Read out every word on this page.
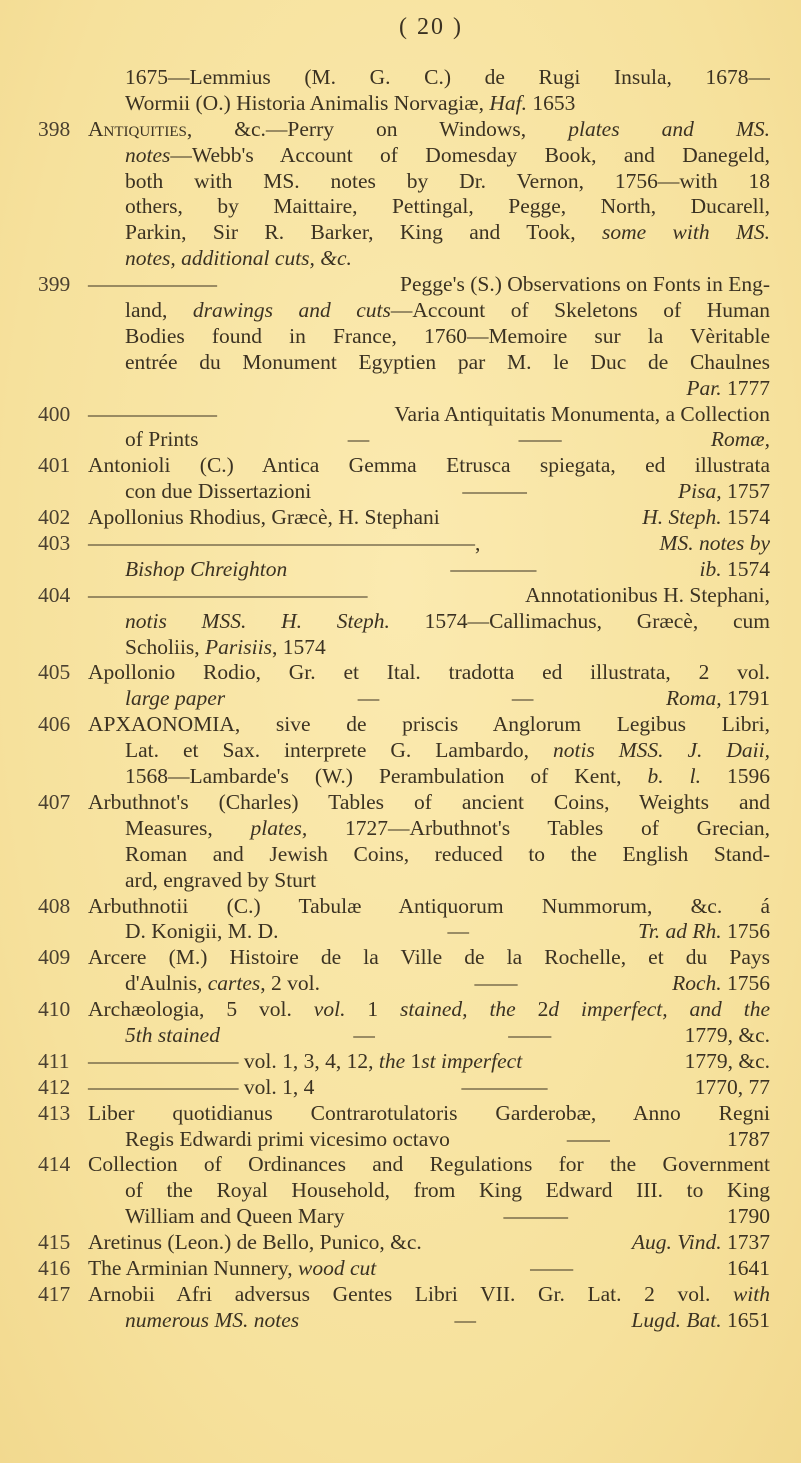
( 20 )
1675—Lemmius (M. G. C.) de Rugi Insula, 1678—
Wormii (O.) Historia Animalis Norvagiæ, Haf. 1653
398 Antiquities, &c.—Perry on Windows, plates and MS.
notes—Webb's Account of Domesday Book, and Danegeld,
both with MS. notes by Dr. Vernon, 1756—with 18
others, by Maittaire, Pettingal, Pegge, North, Ducarell,
Parkin, Sir R. Barker, King and Took, some with MS.
notes, additional cuts, &c.
399 ——————	Pegge's (S.) Observations on Fonts in Eng-
land, drawings and cuts—Account of Skeletons of Human
Bodies found in France, 1760—Memoire sur la Vèritable
entrée du Monument Egyptien par M. le Duc de Chaulnes
Par. 1777
400 ——————	Varia Antiquitatis Monumenta, a Collection
of Prints	—	——	Romæ,
401 Antonioli (C.) Antica Gemma Etrusca spiegata, ed illustrata
con due Dissertazioni	———	Pisa, 1757
402 Apollonius Rhodius, Græcè, H. Stephani	H. Steph. 1574
403 ——————————————————,	MS. notes by
Bishop Chreighton	————	ib. 1574
404 —————————————	Annotationibus H. Stephani,
notis MSS. H. Steph. 1574—Callimachus, Græcè, cum
Scholiis, Parisiis, 1574
405 Apollonio Rodio, Gr. et Ital. tradotta ed illustrata, 2 vol.
large paper	—	—	Roma, 1791
406 APXAONOMIA, sive de priscis Anglorum Legibus Libri,
Lat. et Sax. interprete G. Lambardo, notis MSS. J. Daii,
1568—Lambarde's (W.) Perambulation of Kent, b. l. 1596
407 Arbuthnot's (Charles) Tables of ancient Coins, Weights and
Measures, plates, 1727—Arbuthnot's Tables of Grecian,
Roman and Jewish Coins, reduced to the English Stand-
ard, engraved by Sturt
408 Arbuthnotii (C.) Tabulæ Antiquorum Nummorum, &c. á
D. Konigii, M. D.	—	Tr. ad Rh. 1756
409 Arcere (M.) Histoire de la Ville de la Rochelle, et du Pays
d'Aulnis, cartes, 2 vol.	——	Roch. 1756
410 Archæologia, 5 vol. vol. 1 stained, the 2d imperfect, and the
5th stained	—	——	1779, &c.
411 ——————— vol. 1, 3, 4, 12, the 1st imperfect	1779, &c.
412 ——————— vol. 1, 4	————	1770, 77
413 Liber quotidianus Contrarotulatoris Garderobæ, Anno Regni
Regis Edwardi primi vicesimo octavo	——	1787
414 Collection of Ordinances and Regulations for the Government
of the Royal Household, from King Edward III. to King
William and Queen Mary	———	1790
415 Aretinus (Leon.) de Bello, Punico, &c.	Aug. Vind. 1737
416 The Arminian Nunnery, wood cut	——	1641
417 Arnobii Afri adversus Gentes Libri VII. Gr. Lat. 2 vol. with
numerous MS. notes	—	Lugd. Bat. 1651
